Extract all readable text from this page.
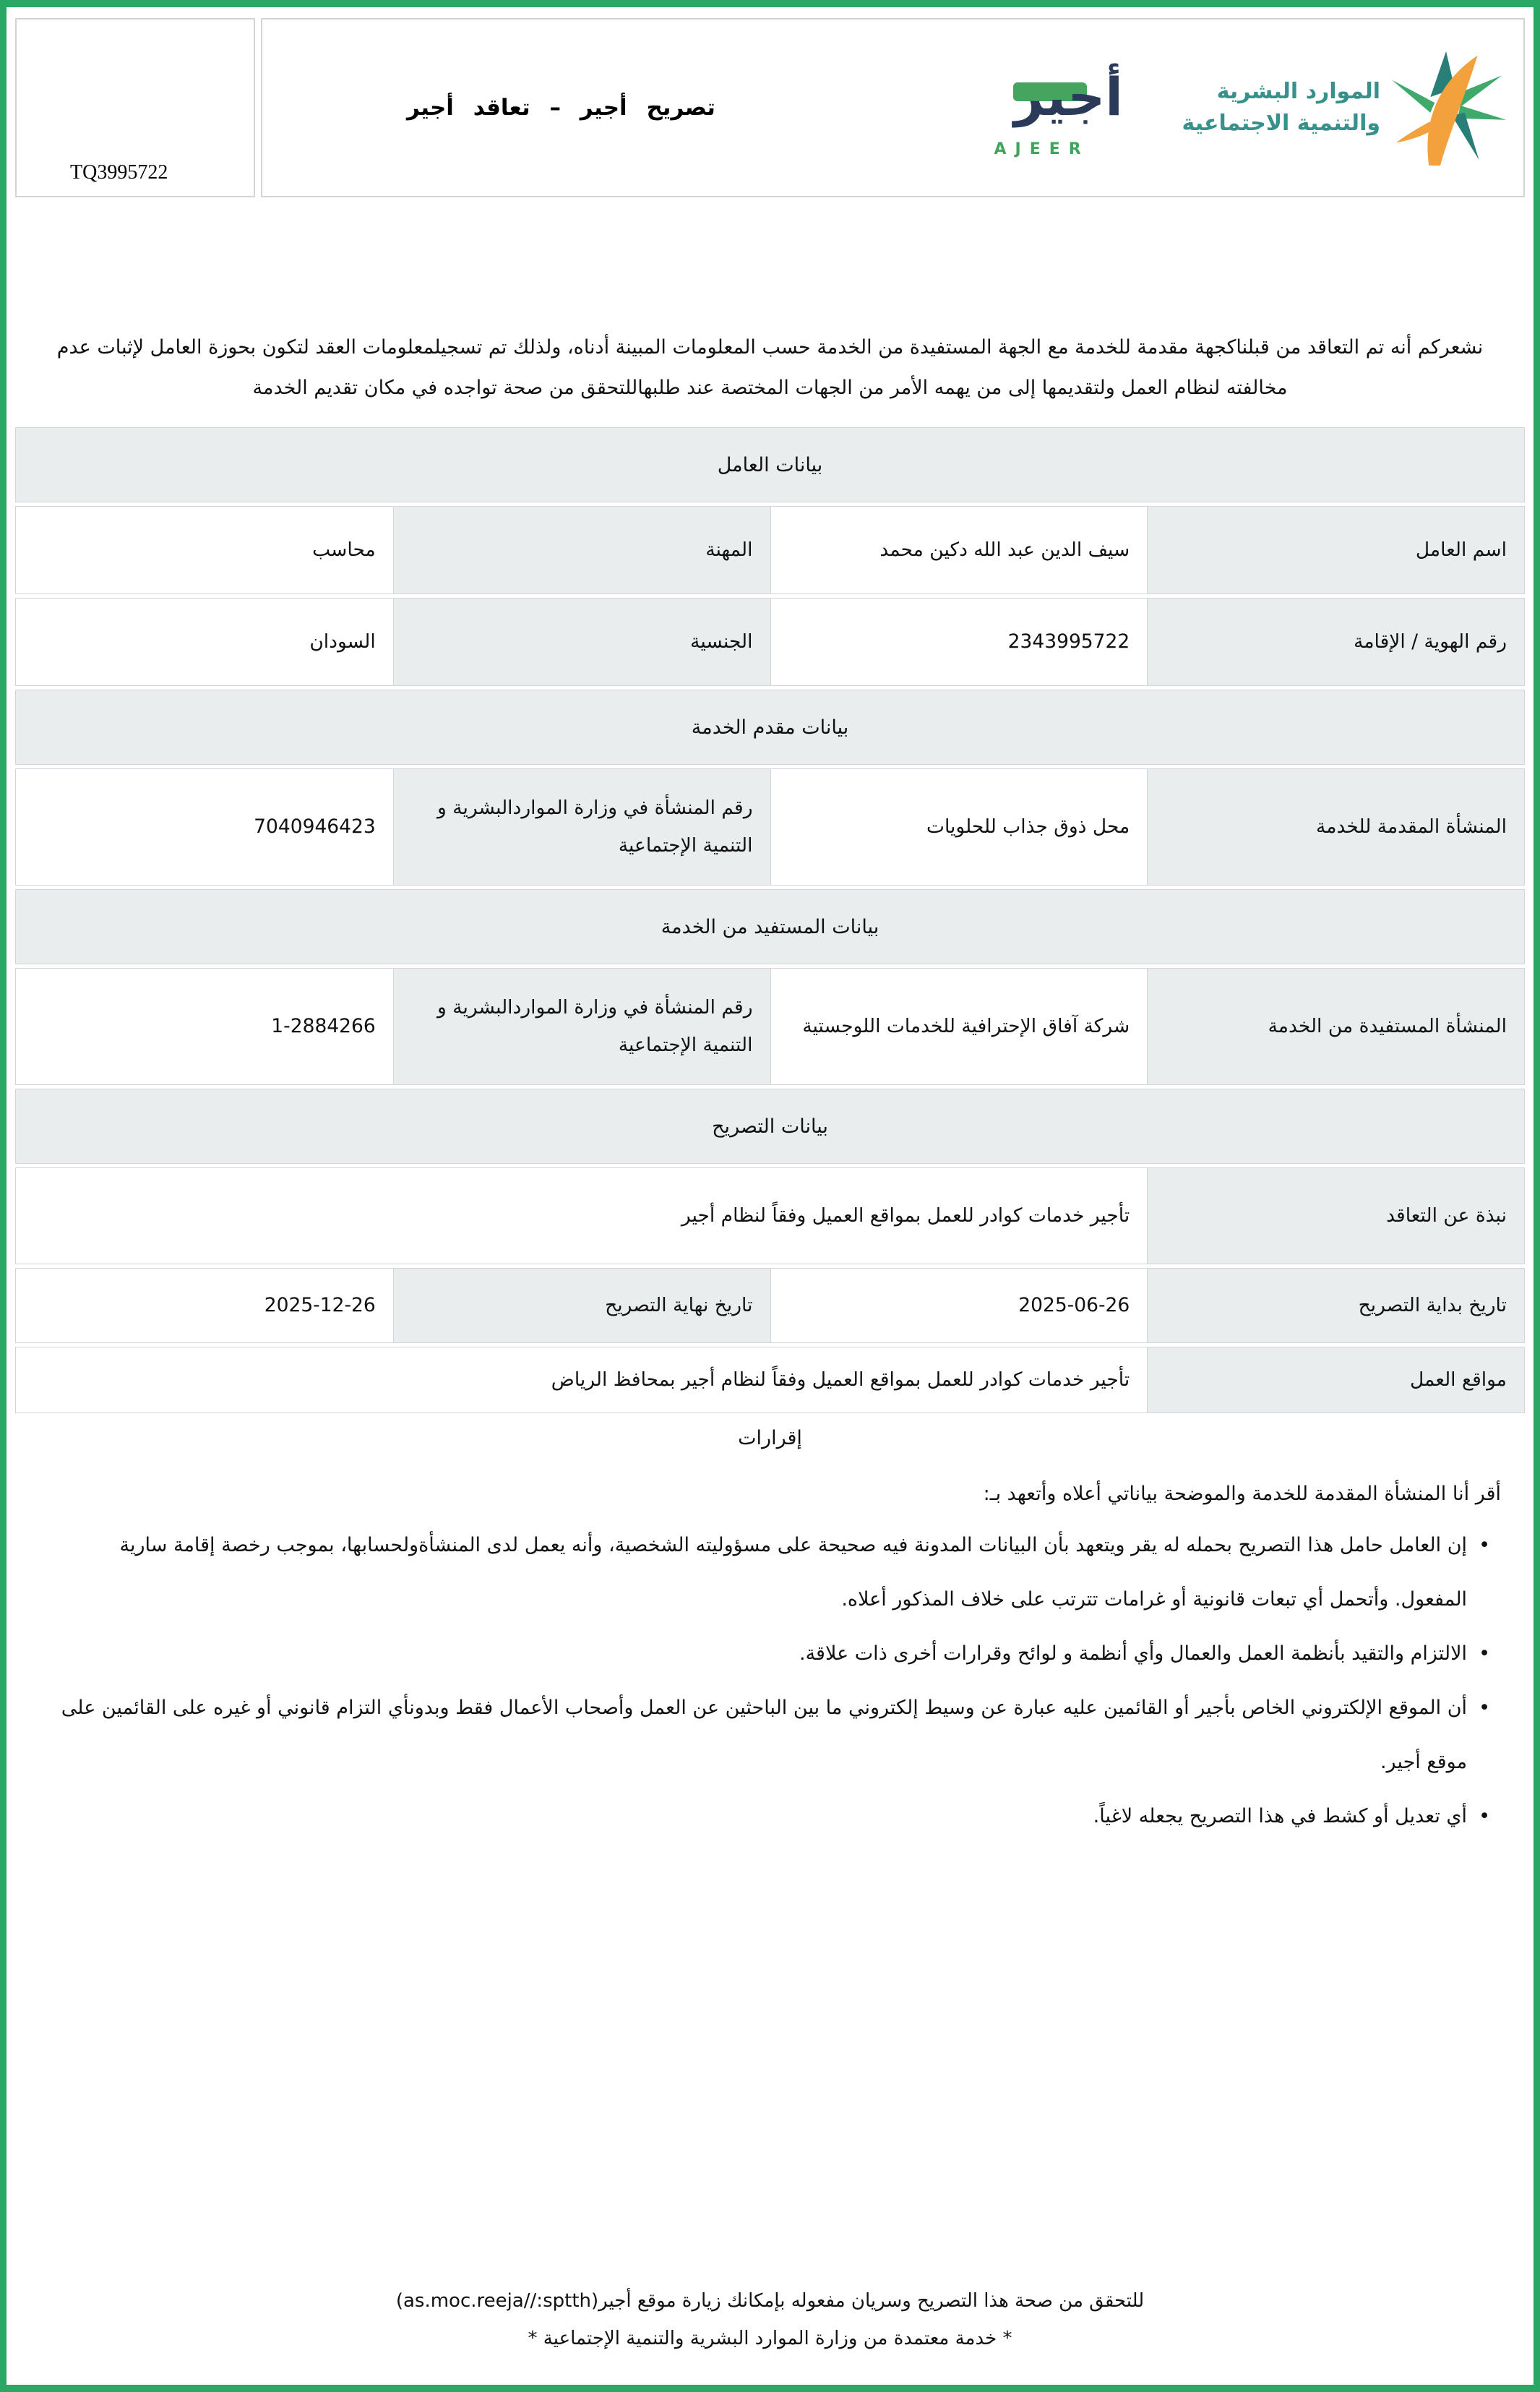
TQ3995722
تصريح أجير – تعاقد أجير	أجير
AJEER
الموارد البشرية
والتنمية الاجتماعية
نشعركم أنه تم التعاقد من قبلناكجهة مقدمة للخدمة مع الجهة المستفيدة من الخدمة حسب المعلومات المبينة أدناه، ولذلك تم تسجيلمعلومات العقد لتكون بحوزة العامل لإثبات عدم مخالفته لنظام العمل ولتقديمها إلى من يهمه الأمر من الجهات المختصة عند طلبهاللتحقق من صحة تواجده في مكان تقديم الخدمة
بيانات العامل
اسم العامل
سيف الدين عبد الله دكين محمد
المهنة
محاسب
رقم الهوية / الإقامة
2343995722
الجنسية
السودان
بيانات مقدم الخدمة
المنشأة المقدمة للخدمة
محل ذوق جذاب للحلويات
رقم المنشأة في وزارة المواردالبشرية و التنمية الإجتماعية
7040946423
بيانات المستفيد من الخدمة
المنشأة المستفيدة من الخدمة
شركة آفاق الإحترافية للخدمات اللوجستية
رقم المنشأة في وزارة المواردالبشرية و التنمية الإجتماعية
1-2884266
بيانات التصريح
نبذة عن التعاقد
تأجير خدمات كوادر للعمل بمواقع العميل وفقاً لنظام أجير
تاريخ بداية التصريح
2025-06-26
تاريخ نهاية التصريح
2025-12-26
مواقع العمل
تأجير خدمات كوادر للعمل بمواقع العميل وفقاً لنظام أجير بمحافظ الرياض
إقرارات
أقر أنا المنشأة المقدمة للخدمة والموضحة بياناتي أعلاه وأتعهد بـ:
•
إن العامل حامل هذا التصريح بحمله له يقر ويتعهد بأن البيانات المدونة فيه صحيحة على مسؤوليته الشخصية، وأنه يعمل لدى المنشأةولحسابها، بموجب رخصة إقامة سارية المفعول. وأتحمل أي تبعات قانونية أو غرامات تترتب على خلاف المذكور أعلاه.
•
الالتزام والتقيد بأنظمة العمل والعمال وأي أنظمة و لوائح وقرارات أخرى ذات علاقة.
•
أن الموقع الإلكتروني الخاص بأجير أو القائمين عليه عبارة عن وسيط إلكتروني ما بين الباحثين عن العمل وأصحاب الأعمال فقط وبدونأي التزام قانوني أو غيره على القائمين على موقع أجير.
•
أي تعديل أو كشط في هذا التصريح يجعله لاغياً.
للتحقق من صحة هذا التصريح وسريان مفعوله بإمكانك زيارة موقع أجير(as.moc.reeja//:sptth)
* خدمة معتمدة من وزارة الموارد البشرية والتنمية الإجتماعية *
